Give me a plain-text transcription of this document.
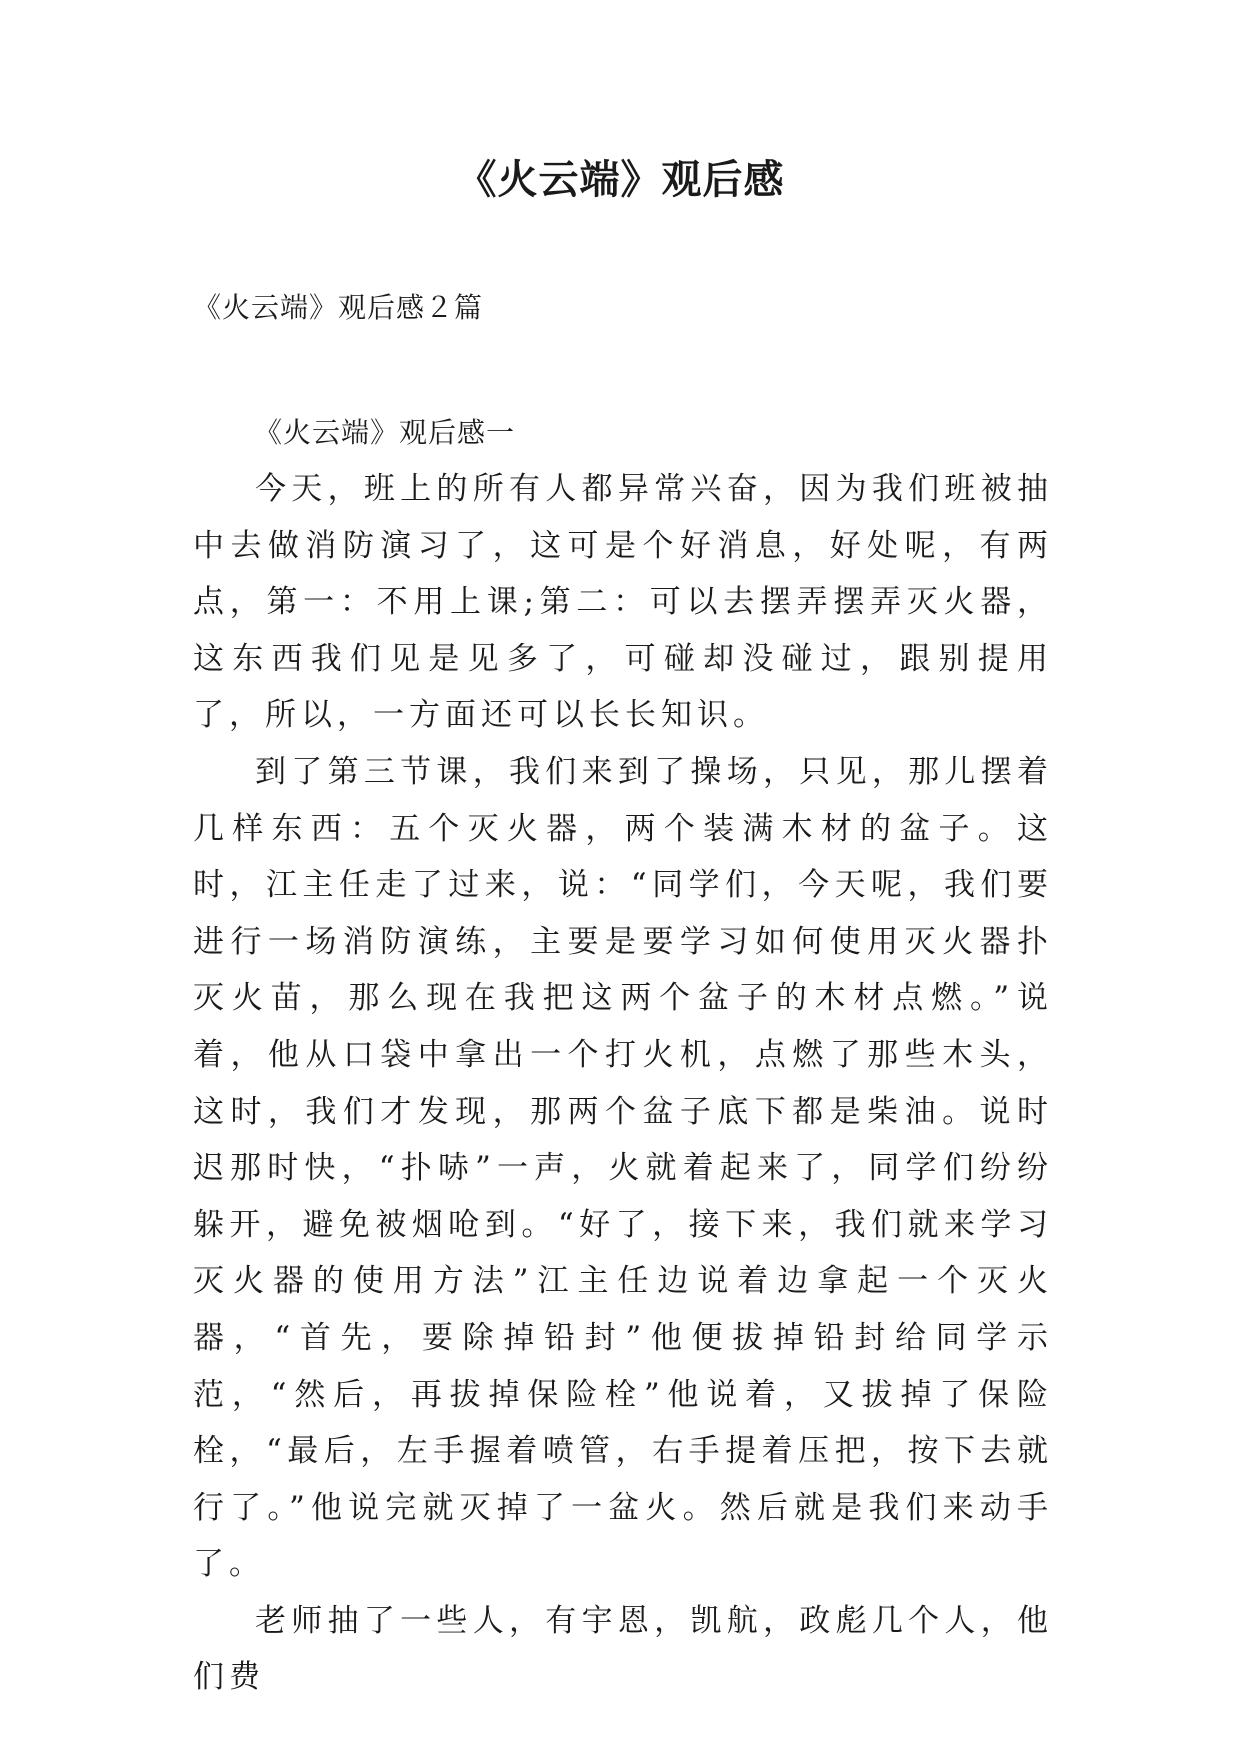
《火云端》观后感
《火云端》观后感２篇

《火云端》观后感一

今天，班上的所有人都异常兴奋，因为我们班被抽中去做消防演习了，这可是个好消息，好处呢，有两点，第一：不用上课;第二：可以去摆弄摆弄灭火器，这东西我们见是见多了，可碰却没碰过，跟别提用了，所以，一方面还可以长长知识。

到了第三节课，我们来到了操场，只见，那儿摆着几样东西：五个灭火器，两个装满木材的盆子。这时，江主任走了过来，说：“同学们，今天呢，我们要进行一场消防演练，主要是要学习如何使用灭火器扑灭火苗，那么现在我把这两个盆子的木材点燃。”说着，他从口袋中拿出一个打火机，点燃了那些木头，这时，我们才发现，那两个盆子底下都是柴油。说时迟那时快，“扑哧”一声，火就着起来了，同学们纷纷躲开，避免被烟呛到。“好了，接下来，我们就来学习灭火器的使用方法”江主任边说着边拿起一个灭火器，“首先，要除掉铅封”他便拔掉铅封给同学示范，“然后，再拔掉保险栓”他说着，又拔掉了保险栓，“最后，左手握着喷管，右手提着压把，按下去就行了。”他说完就灭掉了一盆火。然后就是我们来动手了。

老师抽了一些人，有宇恩，凯航，政彪几个人，他们费
